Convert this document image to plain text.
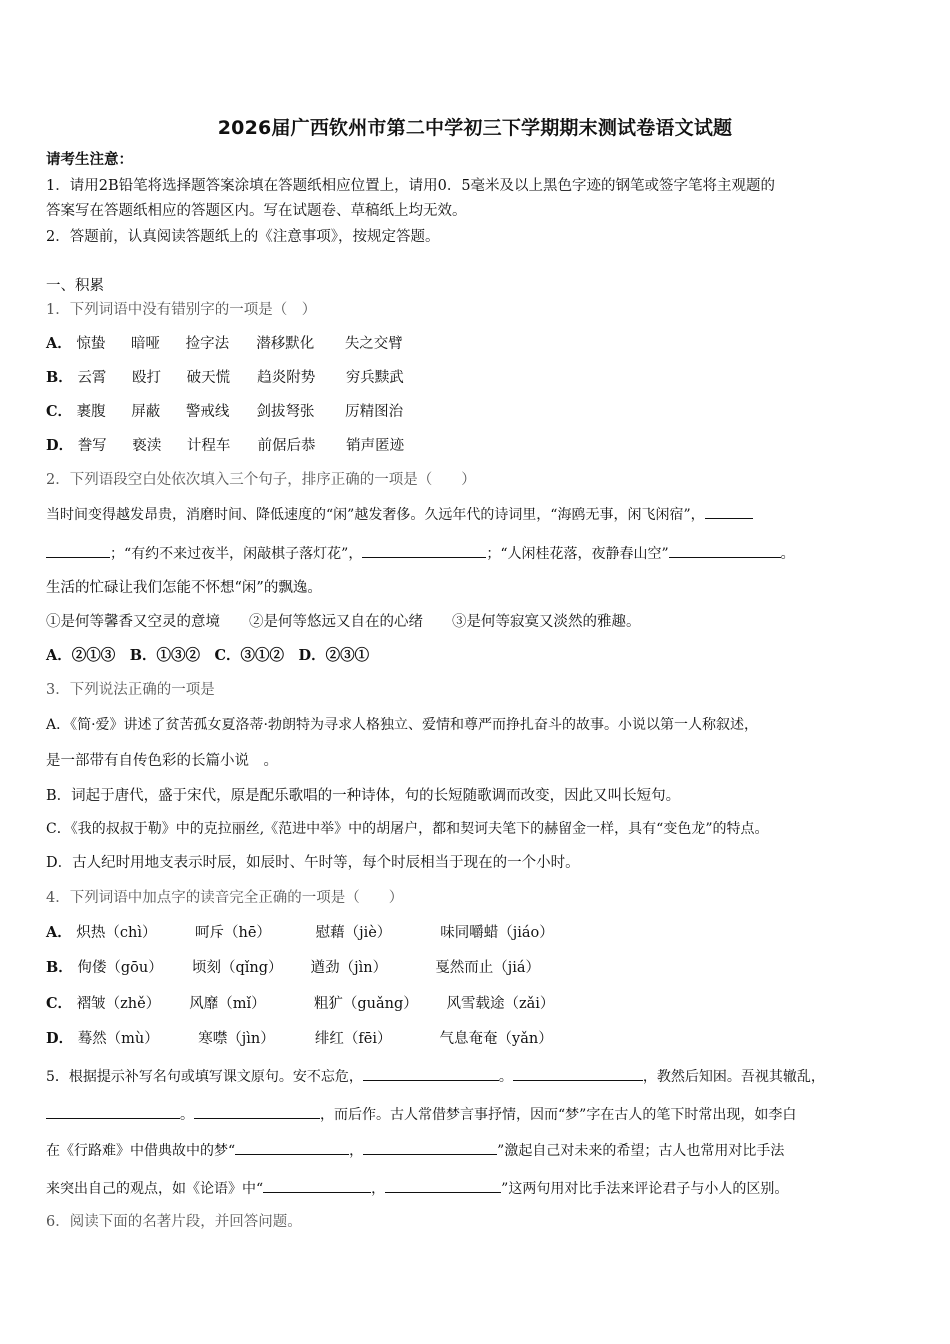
2026届广西钦州市第二中学初三下学期期末测试卷语文试题
请考生注意：
1．请用2B铅笔将选择题答案涂填在答题纸相应位置上，请用0．5毫米及以上黑色字迹的钢笔或签字笔将主观题的
答案写在答题纸相应的答题区内。写在试题卷、草稿纸上均无效。
2．答题前，认真阅读答题纸上的《注意事项》，按规定答题。
一、积累
1．下列词语中没有错别字的一项是（　）
A． 惊蛰 暗哑 捡字法 潜移默化 失之交臂
B． 云霄 殴打 破天慌 趋炎附势 穷兵黩武
C． 裹腹 屏蔽 警戒线 剑拔弩张 厉精图治
D． 誊写 亵渎 计程车 前倨后恭 销声匿迹
2．下列语段空白处依次填入三个句子，排序正确的一项是（　　）
当时间变得越发昂贵，消磨时间、降低速度的“闲”越发奢侈。久远年代的诗词里，“海鸥无事，闲飞闲宿”，
；“有约不来过夜半，闲敲棋子落灯花”，	；“人闲桂花落，夜静春山空”	。
生活的忙碌让我们怎能不怀想“闲”的飘逸。
①是何等馨香又空灵的意境　　②是何等悠远又自在的心绪　　③是何等寂寞又淡然的雅趣。
A．②①③　B．①③②　C．③①②　D．②③①
3．下列说法正确的一项是
A．《简·爱》讲述了贫苦孤女夏洛蒂·勃朗特为寻求人格独立、爱情和尊严而挣扎奋斗的故事。小说以第一人称叙述，
是一部带有自传色彩的长篇小说　。
B．词起于唐代，盛于宋代，原是配乐歌唱的一种诗体，句的长短随歌调而改变，因此又叫长短句。
C．《我的叔叔于勒》中的克拉丽丝,《范进中举》中的胡屠户，都和契诃夫笔下的赫留金一样，具有“变色龙”的特点。
D．古人纪时用地支表示时辰，如辰时、午时等，每个时辰相当于现在的一个小时。
4．下列词语中加点字的读音完全正确的一项是（　　）
A． 炽热（chì）	呵斥（hē）	慰藉（jiè）	味同嚼蜡（jiáo）
B． 佝偻（gōu） 顷刻（qǐng） 遒劲（jìn）	戛然而止（jiá）
C． 褶皱（zhě） 风靡（mǐ）	粗犷（guǎng） 风雪载途（zǎi）
D． 蓦然（mù）	寒噤（jìn）	绯红（fēi）	气息奄奄（yǎn）
5．根据提示补写名句或填写课文原句。安不忘危，	。	，教然后知困。吾视其辙乱，
。	，而后作。古人常借梦言事抒情，因而“梦”字在古人的笔下时常出现，如李白
在《行路难》中借典故中的梦“	，	”激起自己对未来的希望；古人也常用对比手法
来突出自己的观点，如《论语》中“	，	”这两句用对比手法来评论君子与小人的区别。
6．阅读下面的名著片段，并回答问题。
